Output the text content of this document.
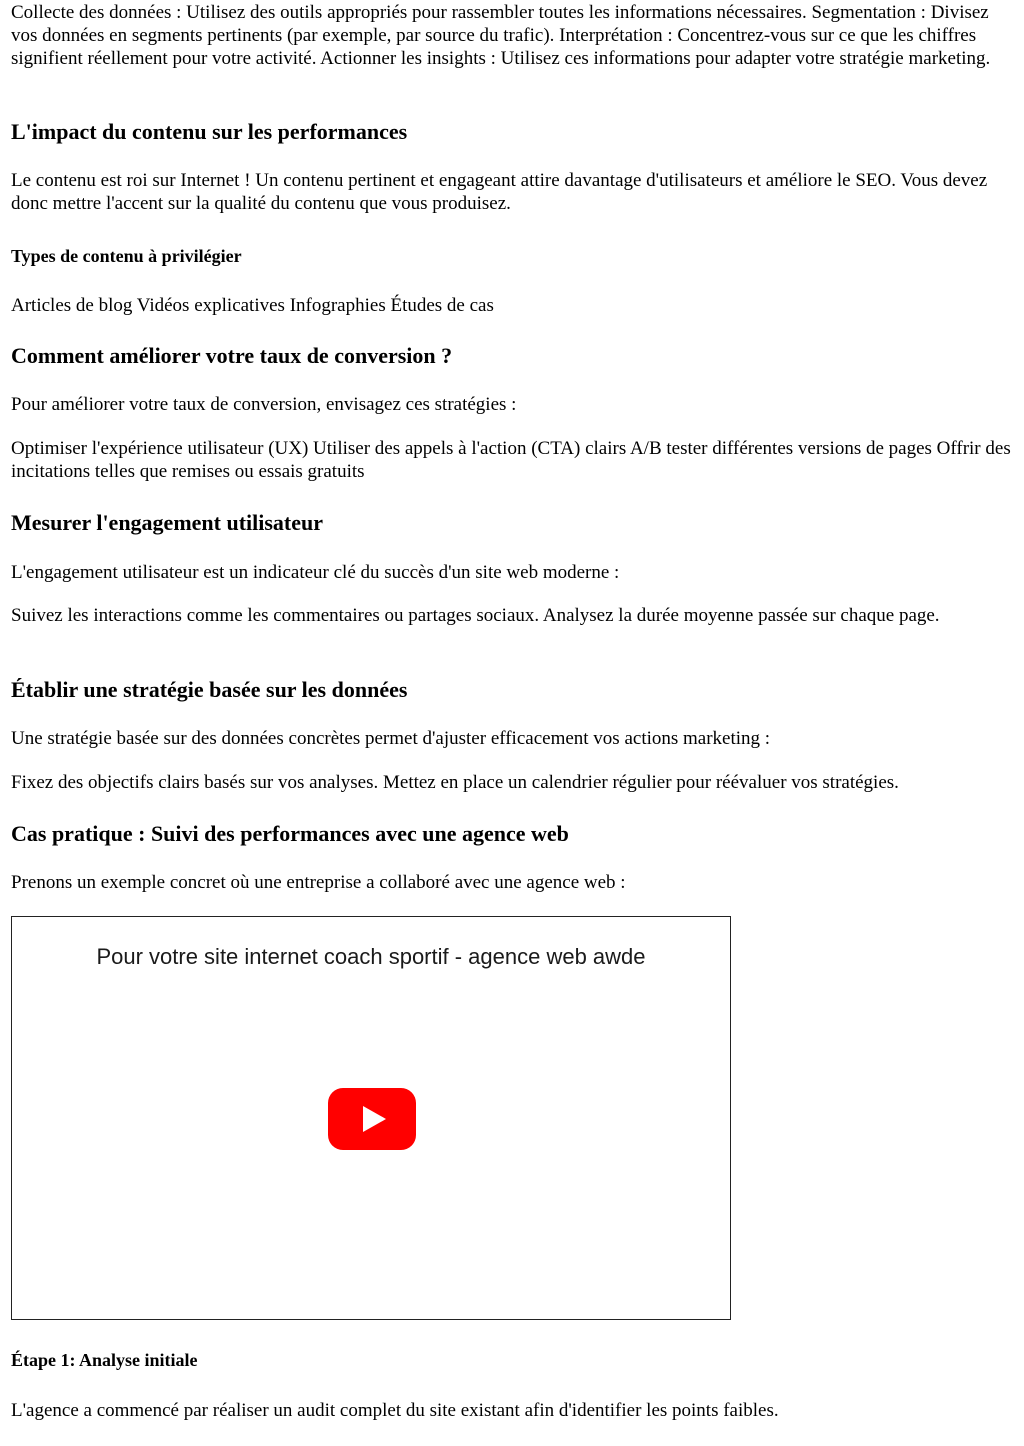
Collecte des données : Utilisez des outils appropriés pour rassembler toutes les informations nécessaires. Segmentation : Divisez vos données en segments pertinents (par exemple, par source du trafic). Interprétation : Concentrez-vous sur ce que les chiffres signifient réellement pour votre activité. Actionner les insights : Utilisez ces informations pour adapter votre stratégie marketing.

L'impact du contenu sur les performances

Le contenu est roi sur Internet ! Un contenu pertinent et engageant attire davantage d'utilisateurs et améliore le SEO. Vous devez donc mettre l'accent sur la qualité du contenu que vous produisez.

Types de contenu à privilégier

Articles de blog Vidéos explicatives Infographies Études de cas

Comment améliorer votre taux de conversion ?

Pour améliorer votre taux de conversion, envisagez ces stratégies :

Optimiser l'expérience utilisateur (UX) Utiliser des appels à l'action (CTA) clairs A/B tester différentes versions de pages Offrir des incitations telles que remises ou essais gratuits

Mesurer l'engagement utilisateur

L'engagement utilisateur est un indicateur clé du succès d'un site web moderne :

Suivez les interactions comme les commentaires ou partages sociaux. Analysez la durée moyenne passée sur chaque page.

Établir une stratégie basée sur les données

Une stratégie basée sur des données concrètes permet d'ajuster efficacement vos actions marketing :

Fixez des objectifs clairs basés sur vos analyses. Mettez en place un calendrier régulier pour réévaluer vos stratégies.

Cas pratique : Suivi des performances avec une agence web

Prenons un exemple concret où une entreprise a collaboré avec une agence web :

Pour votre site internet coach sportif - agence web awde
Étape 1: Analyse initiale

L'agence a commencé par réaliser un audit complet du site existant afin d'identifier les points faibles.
